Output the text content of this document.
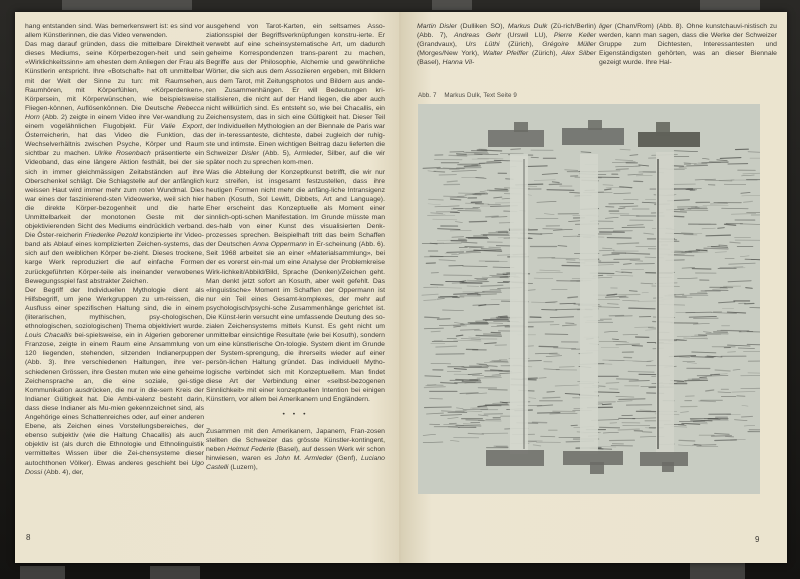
hang entstanden sind. Was bemerkenswert ist: es sind vor allem Künstlerinnen, die das Video verwenden.

Das mag darauf gründen, dass die mittelbare Direktheit dieses Mediums, seine Körperbezogen-heit und sein «Wirklichkeitssinn» am ehesten dem Anliegen der Frau als Künstlerin entspricht. Ihre «Botschaft» hat oft unmittelbar mit der Welt der Sinne zu tun: mit Raumsehen, Raumhören, mit Körperfühlen, «Körperdenken», Körpersein, mit Körperwünschen, wie beispielsweise Fliegen-können, Auflösenkönnen. Die Deutsche Rebecca Horn (Abb. 2) zeigte in einem Video ihre Ver-wandlung zu einem vogelähnlichen Flugobjekt. Für Valie Export, Österreicherin, hat das Video die Funktion, das Wechselverhältnis zwischen Psyche, Körper und Raum sichtbar zu machen. Ulrike Rosenbach präsentierte ein Videoband, das eine längere Aktion festhält, bei der sie sich in immer gleichmässigen Zeitabständen auf ihre Oberschenkel schlägt. Die Schlagstelle auf der anfänglich weissen Haut wird immer mehr zum roten Wundmal. Dies war eines der faszinierend-sten Videowerke, weil sich hier die direkte Körper-bezogenheit und die harte Unmittelbarkeit der monotonen Geste mit der objektivierenden Sicht des Mediums eindrücklich verband. Die Öster-reicherin Friederike Pezold konzipierte ihr Video-band als Ablauf eines komplizierten Zeichen-systems, das sich auf den weiblichen Körper be-zieht. Dieses trockene, karge Werk reproduziert die auf einfache Formen zurückgeführten Körper-teile als ineinander verwobenes Bewegungsspiel fast abstrakter Zeichen.

Der Begriff der Individuellen Mythologie dient als Hilfsbegriff, um jene Werkgruppen zu um-reissen, die Ausfluss einer spezifischen Haltung sind, die in einem (literarischen, mythischen, psy-chologischen, ethnologischen, soziologischen) Thema objektiviert wurde. Louis Chacallis bei-spielsweise, ein in Algerien geborener Franzose, zeigte in einem Raum eine Ansammlung von 120 liegenden, stehenden, sitzenden Indianerpuppen (Abb. 3). Ihre verschiedenen Haltungen, ihre ver-schiedenen Grössen, ihre Gesten muten wie eine geheime Zeichensprache an, die eine soziale, gei-stige Kommunikation ausdrücken, die nur in die-sem Kreis der Indianer Gültigkeit hat. Die Ambi-valenz besteht darin, dass diese Indianer als Mu-mien gekennzeichnet sind, als Angehörige eines Schattenreiches oder, auf einer anderen Ebene, als Zeichen eines Vorstellungsbereiches, der ebenso subjektiv (wie die Haltung Chacallis) als auch objektiv ist (als durch die Ethnologie und Ethnolinguistik vermitteltes Wissen über die Zei-chensysteme dieser autochthonen Völker). Etwas anderes geschieht bei Ugo Dossi (Abb. 4), der,

ausgehend von Tarot-Karten, ein seltsames Asso-ziationsspiel der Begriffsverknüpfungen konstru-ierte. Er verwebt auf eine scheinsystematische Art, um dadurch geheime Korrespondenzen trans-parent zu machen, Begriffe aus der Philosophie, Alchemie und gewöhnliche Wörter, die sich aus dem Assoziieren ergeben, mit Bildern aus dem Tarot, mit Zeitungsphotos und Bildern aus ande-ren Zusammenhängen. Er will Bedeutungen kri-stallisieren, die nicht auf der Hand liegen, die aber auch nicht willkürlich sind. Es entsteht so, wie bei Chacallis, ein Zeichensystem, das in sich eine Gültigkeit hat. Dieser Teil der Individuellen Mythologien an der Biennale de Paris war der in-teressanteste, dichteste, dabei zugleich der ruhig-ste und intimste. Einen wichtigen Beitrag dazu lieferten die Schweizer Disler (Abb. 5), Armleder, Silber, auf die wir später noch zu sprechen kom-men.

Was die Abteilung der Konzeptkunst betrifft, die wir nur kurz streifen, ist insgesamt festzustellen, dass ihre heutigen Formen nicht mehr die anfäng-liche Intransigenz haben (Kosuth, Sol Lewitt, Dibbets, Art and Language). Eher erscheint das Konzeptuelle als Moment einer sinnlich-opti-schen Manifestation. Im Grunde müsste man des-halb von einer Kunst des visualisierten Denk-prozesses sprechen. Beispielhaft tritt das beim Schaffen der Deutschen Anna Oppermann in Er-scheinung (Abb. 6). Seit 1968 arbeitet sie an einer «Materialsammlung», bei der es vorerst ein-mal um eine Analyse der Problemkreise Wirk-lichkeit/Abbild/Bild, Sprache (Denken)/Zeichen geht. Man denkt jetzt sofort an Kosuth, aber weit gefehlt. Das «linguistische» Moment im Schaffen der Oppermann ist nur ein Teil eines Gesamt-komplexes, der mehr auf psychologisch/psychi-sche Zusammenhänge gerichtet ist. Die Künst-lerin versucht eine umfassende Deutung des so-zialen Zeichensystems mittels Kunst. Es geht nicht um unmittelbar einsichtige Resultate (wie bei Kosuth), sondern um eine künstlerische On-tologie. System dient im Grunde der System-sprengung, die ihrerseits wieder auf einer persön-lichen Haltung gründet. Das individuell Mytho-logische verbindet sich mit Konzeptuellem. Man findet diese Art der Verbindung einer «selbst-bezogenen Sinnlichkeit» mit einer konzeptuellen Intention bei einigen Künstlern, vor allem bei Amerikanern und Engländern.

• • •

Zusammen mit den Amerikanern, Japanern, Fran-zosen stellten die Schweizer das grösste Künstler-kontingent, neben Helmut Federle (Basel), auf dessen Werk wir schon hinwiesen, waren es John M. Armleder (Genf), Luciano Castelli (Luzern),

8

Martin Disler (Dulliken SO), Markus Dulk (Zü-rich/Berlin) (Abb. 7), Andreas Gehr (Urswil LU), Pierre Keller (Grandvaux), Urs Lüthi (Zürich), Grégoire Müller (Morges/New York), Walter Pfeiffer (Zürich), Alex Silber (Basel), Hanna Vil-

liger (Cham/Rom) (Abb. 8). Ohne kunstchauvi-nistisch zu werden, kann man sagen, dass die Werke der Schweizer Gruppe zum Dichtesten, Interessantesten und Eigenständigsten gehörten, was an dieser Biennale gezeigt wurde. Ihre Hal-

Abb. 7 Markus Dulk, Text Seite 9
9
